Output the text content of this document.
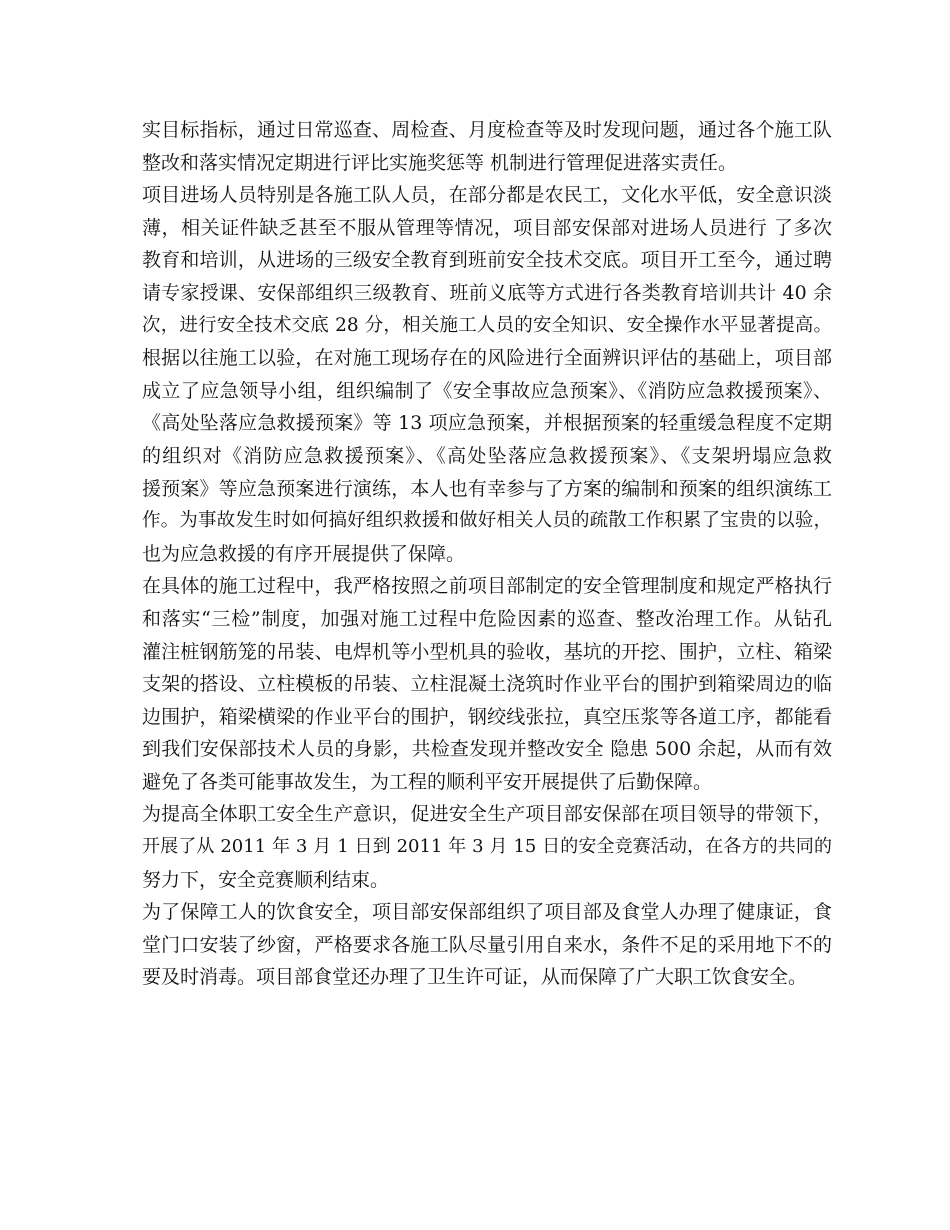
实目标指标，通过日常巡查、周检查、月度检查等及时发现问题，通过各个施工队
整改和落实情况定期进行评比实施奖惩等 机制进行管理促进落实责任。
项目进场人员特别是各施工队人员，在部分都是农民工，文化水平低，安全意识淡
薄，相关证件缺乏甚至不服从管理等情况，项目部安保部对进场人员进行 了多次
教育和培训，从进场的三级安全教育到班前安全技术交底。项目开工至今，通过聘
请专家授课、安保部组织三级教育、班前义底等方式进行各类教育培训共计 40 余
次，进行安全技术交底 28 分，相关施工人员的安全知识、安全操作水平显著提高。
根据以往施工以验，在对施工现场存在的风险进行全面辨识评估的基础上，项目部
成立了应急领导小组，组织编制了《安全事故应急预案》、《消防应急救援预案》、
《高处坠落应急救援预案》等 13 项应急预案，并根据预案的轻重缓急程度不定期
的组织对《消防应急救援预案》、《高处坠落应急救援预案》、《支架坍塌应急救
援预案》等应急预案进行演练，本人也有幸参与了方案的编制和预案的组织演练工
作。为事故发生时如何搞好组织救援和做好相关人员的疏散工作积累了宝贵的以验，
也为应急救援的有序开展提供了保障。
在具体的施工过程中，我严格按照之前项目部制定的安全管理制度和规定严格执行
和落实“三检”制度，加强对施工过程中危险因素的巡查、整改治理工作。从钻孔
灌注桩钢筋笼的吊装、电焊机等小型机具的验收，基坑的开挖、围护，立柱、箱梁
支架的搭设、立柱模板的吊装、立柱混凝土浇筑时作业平台的围护到箱梁周边的临
边围护，箱梁横梁的作业平台的围护，钢绞线张拉，真空压浆等各道工序，都能看
到我们安保部技术人员的身影，共检查发现并整改安全 隐患 500 余起，从而有效
避免了各类可能事故发生，为工程的顺利平安开展提供了后勤保障。
为提高全体职工安全生产意识，促进安全生产项目部安保部在项目领导的带领下，
开展了从 2011 年 3 月 1 日到 2011 年 3 月 15 日的安全竞赛活动，在各方的共同的
努力下，安全竞赛顺利结束。
为了保障工人的饮食安全，项目部安保部组织了项目部及食堂人办理了健康证，食
堂门口安装了纱窗，严格要求各施工队尽量引用自来水，条件不足的采用地下不的
要及时消毒。项目部食堂还办理了卫生许可证，从而保障了广大职工饮食安全。
